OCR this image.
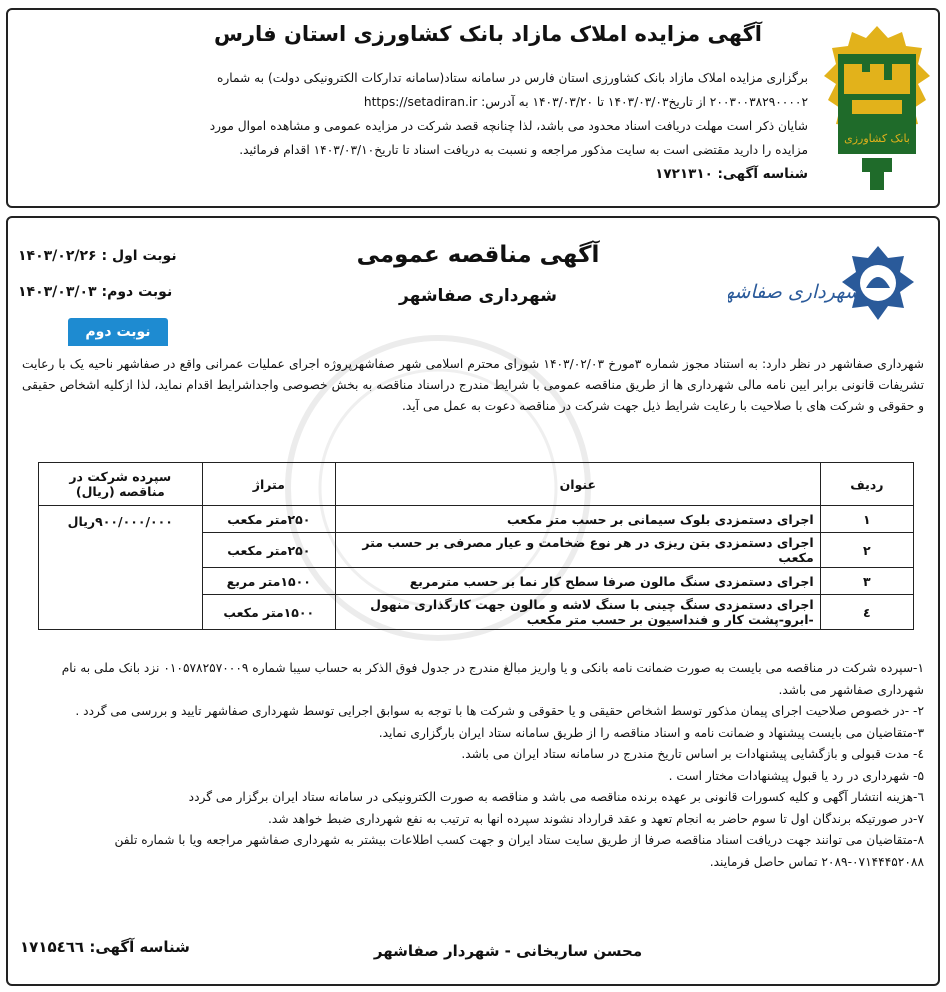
بانک کشاورزی
آگهی مزایده املاک مازاد بانک کشاورزی استان فارس

برگزاری مزایده املاک مازاد بانک کشاورزی استان فارس در سامانه ستاد(سامانه تدارکات الکترونیکی دولت) به شماره

۲۰۰۳۰۰۳۸۲۹۰۰۰۰۲ از تاریخ۱۴۰۳/۰۳/۰۳ تا ۱۴۰۳/۰۳/۲۰ به آدرس: https://setadiran.ir

شایان ذکر است مهلت دریافت اسناد محدود می باشد، لذا چنانچه قصد شرکت در مزایده عمومی و مشاهده اموال مورد

مزایده را دارید مقتضی است به سایت مذکور مراجعه و نسبت به دریافت اسناد تا تاریخ۱۴۰۳/۰۳/۱۰ اقدام فرمائید.

شناسه آگهی: ۱۷۲۱۳۱۰

شهرداری صفاشهر
آگهی مناقصه عمومی
شهرداری صفاشهر
نوبت اول : ۱۴۰۳/۰۲/۲۶
نوبت دوم: ۱۴۰۳/۰۳/۰۳
نوبت دوم

شهرداری صفاشهر در نظر دارد: به استناد مجوز شماره ۳مورخ ۱۴۰۳/۰۲/۰۳ شورای محترم اسلامی شهر صفاشهرپروژه اجرای عملیات عمرانی واقع در صفاشهر ناحیه یک با رعایت تشریفات قانونی برابر ایین نامه مالی شهرداری ها از طریق مناقصه عمومی با شرایط مندرج دراسناد مناقصه به بخش خصوصی واجداشرایط اقدام نماید، لذا ازکلیه اشخاص حقیقی و حقوقی و شرکت های با صلاحیت با رعایت شرایط ذیل جهت شرکت در مناقصه دعوت به عمل می آید.

ردیف	عنوان	متراژ	سپرده شرکت در مناقصه (ریال)
۱	اجرای دستمزدی بلوک سیمانی بر حسب متر مکعب	۲۵۰متر مکعب	۹۰۰/۰۰۰/۰۰۰ریال
۲	اجرای دستمزدی بتن ریزی در هر نوع ضخامت و عیار مصرفی بر حسب متر مکعب	۲۵۰متر مکعب	
۳	اجرای دستمزدی سنگ مالون صرفا سطح کار نما بر حسب مترمربع	۱۵۰۰متر مربع	
٤	اجرای دستمزدی سنگ چینی با سنگ لاشه و مالون جهت کارگذاری منهول -ابرو-پشت کار و فنداسیون بر حسب متر مکعب	۱۵۰۰متر مکعب	

۱-سپرده شرکت در مناقصه می بایست به صورت ضمانت نامه بانکی و یا واریز مبالغ مندرج در جدول فوق الذکر به حساب سیبا شماره ۰۱۰۵۷۸۲۵۷۰۰۰۹ نزد بانک ملی به نام شهرداری صفاشهر می باشد.

۲- -در خصوص صلاحیت اجرای پیمان مذکور توسط اشخاص حقیقی و یا حقوقی و شرکت ها با توجه به سوابق اجرایی توسط شهرداری صفاشهر تایید و بررسی می گردد .

۳-متقاضیان می بایست پیشنهاد و ضمانت نامه و اسناد مناقصه را از طریق سامانه ستاد ایران بارگزاری نماید.

٤- مدت قبولی و بازگشایی پیشنهادات بر اساس تاریخ مندرج در سامانه ستاد ایران می باشد.

۵- شهرداری در رد یا قبول پیشنهادات مختار است .

٦-هزینه انتشار آگهی و کلیه کسورات قانونی بر عهده برنده مناقصه می باشد و مناقصه به صورت الکترونیکی در سامانه ستاد ایران برگزار می گردد

۷-در صورتیکه برندگان اول تا سوم حاضر به انجام تعهد و عقد قرارداد نشوند سپرده انها به ترتیب به نفع شهرداری ضبط خواهد شد.

۸-متقاضیان می توانند جهت دریافت اسناد مناقصه صرفا از طریق سایت ستاد ایران و جهت کسب اطلاعات بیشتر به شهرداری صفاشهر مراجعه ویا با شماره تلفن ۰۷۱۴۴۴۵۲۰۸۸-۲۰۸۹ تماس حاصل فرمایند.

محسن ساریخانی - شهردار صفاشهر
شناسه آگهی: ۱۷۱۵٤٦٦
